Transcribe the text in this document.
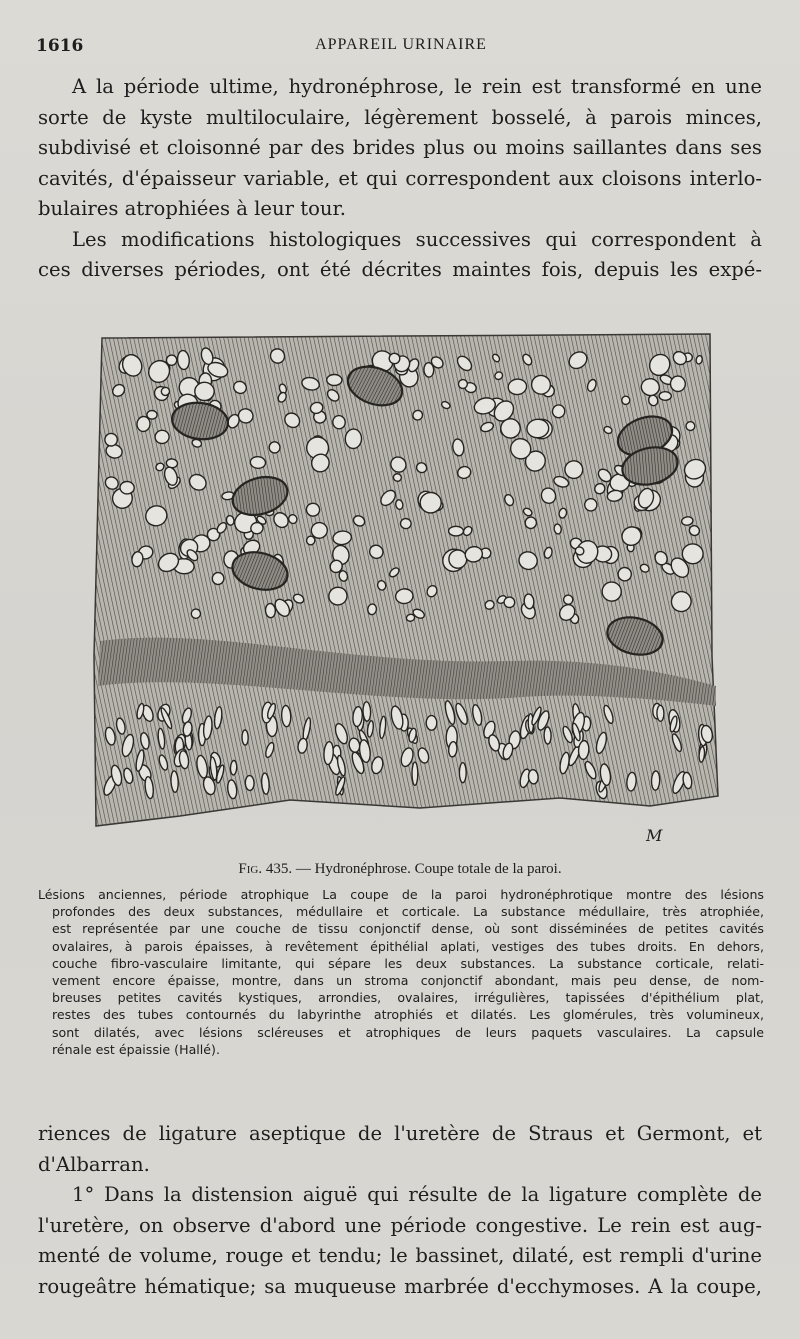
1616	APPAREIL URINAIRE

A la période ultime, hydronéphrose, le rein est transformé en une
sorte de kyste multiloculaire, légèrement bosselé, à parois minces,
subdivisé et cloisonné par des brides plus ou moins saillantes dans ses
cavités, d'épaisseur variable, et qui correspondent aux cloisons interlo-
bulaires atrophiées à leur tour.

Les modifications histologiques successives qui correspondent à
ces diverses périodes, ont été décrites maintes fois, depuis les expé-

M
Fig. 435. — Hydronéphrose. Coupe totale de la paroi.
Lésions anciennes, période atrophique La coupe de la paroi hydronéphrotique montre des lésions
profondes des deux substances, médullaire et corticale. La substance médullaire, très atrophiée,
est représentée par une couche de tissu conjonctif dense, où sont disséminées de petites cavités
ovalaires, à parois épaisses, à revêtement épithélial aplati, vestiges des tubes droits. En dehors,
couche fibro-vasculaire limitante, qui sépare les deux substances. La substance corticale, relati-
vement encore épaisse, montre, dans un stroma conjonctif abondant, mais peu dense, de nom-
breuses petites cavités kystiques, arrondies, ovalaires, irrégulières, tapissées d'épithélium plat,
restes des tubes contournés du labyrinthe atrophiés et dilatés. Les glomérules, très volumineux,
sont dilatés, avec lésions scléreuses et atrophiques de leurs paquets vasculaires. La capsule
rénale est épaissie (Hallé).

riences de ligature aseptique de l'uretère de Straus et Germont, et
d'Albarran.

1° Dans la distension aiguë qui résulte de la ligature complète de
l'uretère, on observe d'abord une période congestive. Le rein est aug-
menté de volume, rouge et tendu; le bassinet, dilaté, est rempli d'urine
rougeâtre hématique; sa muqueuse marbrée d'ecchymoses. A la coupe,
